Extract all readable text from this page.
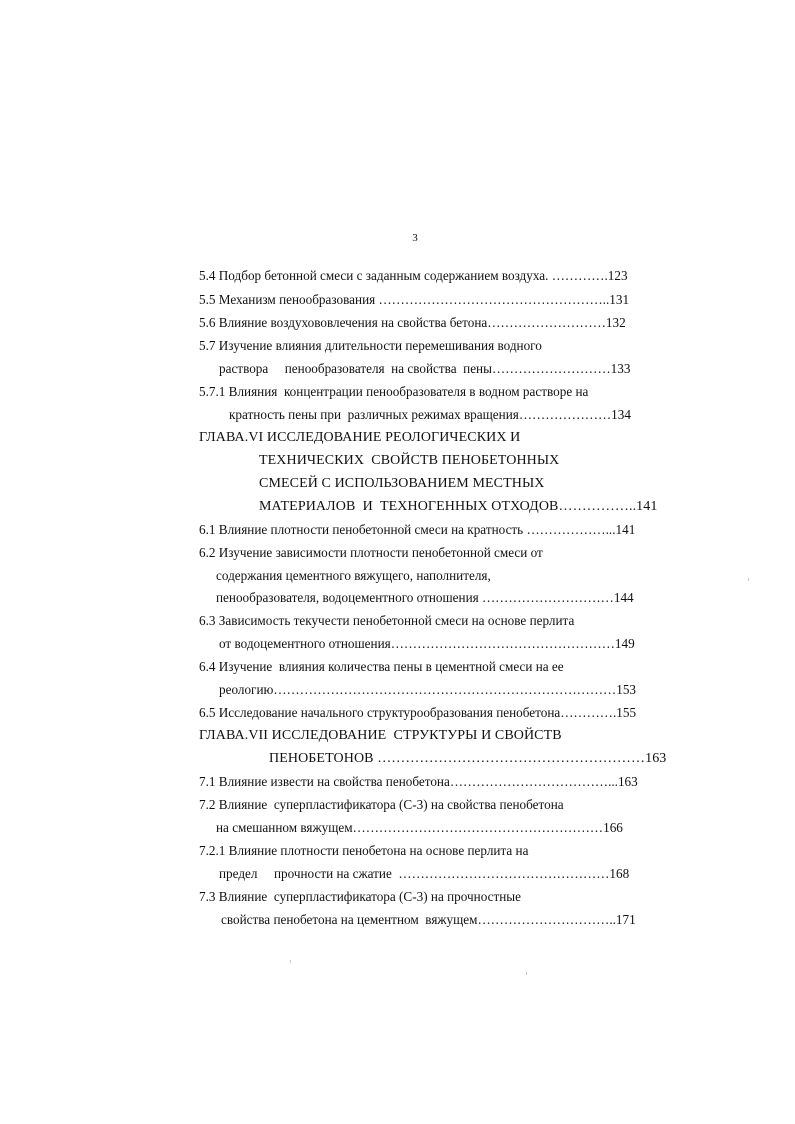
3
5.4 Подбор бетонной смеси с заданным содержанием воздуха. ………….123
5.5 Механизм пенообразования ……………………………………………..131
5.6 Влияние воздухововлечения на свойства бетона………………………132
5.7 Изучение влияния длительности перемешивания водного
раствора     пенообразователя  на свойства  пены………………………133
5.7.1 Влияния  концентрации пенообразователя в водном растворе на
кратность пены при  различных режимах вращения…………………134
ГЛАВА.VI ИССЛЕДОВАНИЕ РЕОЛОГИЧЕСКИХ И
ТЕХНИЧЕСКИХ  СВОЙСТВ ПЕНОБЕТОННЫХ
СМЕСЕЙ С ИСПОЛЬЗОВАНИЕМ МЕСТНЫХ
МАТЕРИАЛОВ  И  ТЕХНОГЕННЫХ ОТХОДОВ……………..141
6.1 Влияние плотности пенобетонной смеси на кратность ………………...141
6.2 Изучение зависимости плотности пенобетонной смеси от
содержания цементного вяжущего, наполнителя,
пенообразователя, водоцементного отношения …………………………144
6.3 Зависимость текучести пенобетонной смеси на основе перлита
от водоцементного отношения……………………………………………149
6.4 Изучение  влияния количества пены в цементной смеси на ее
реологию……………………………………………………………………153
6.5 Исследование начального структурообразования пенобетона………….155
ГЛАВА.VII ИССЛЕДОВАНИЕ  СТРУКТУРЫ И СВОЙСТВ
ПЕНОБЕТОНОВ …………………………………………………163
7.1 Влияние извести на свойства пенобетона………………………………...163
7.2 Влияние  суперпластификатора (С-3) на свойства пенобетона
на смешанном вяжущем…………………………………………………166
7.2.1 Влияние плотности пенобетона на основе перлита на
предел     прочности на сжатие  …………………………………………168
7.3 Влияние  суперпластификатора (С-3) на прочностные
свойства пенобетона на цементном  вяжущем…………………………..171
